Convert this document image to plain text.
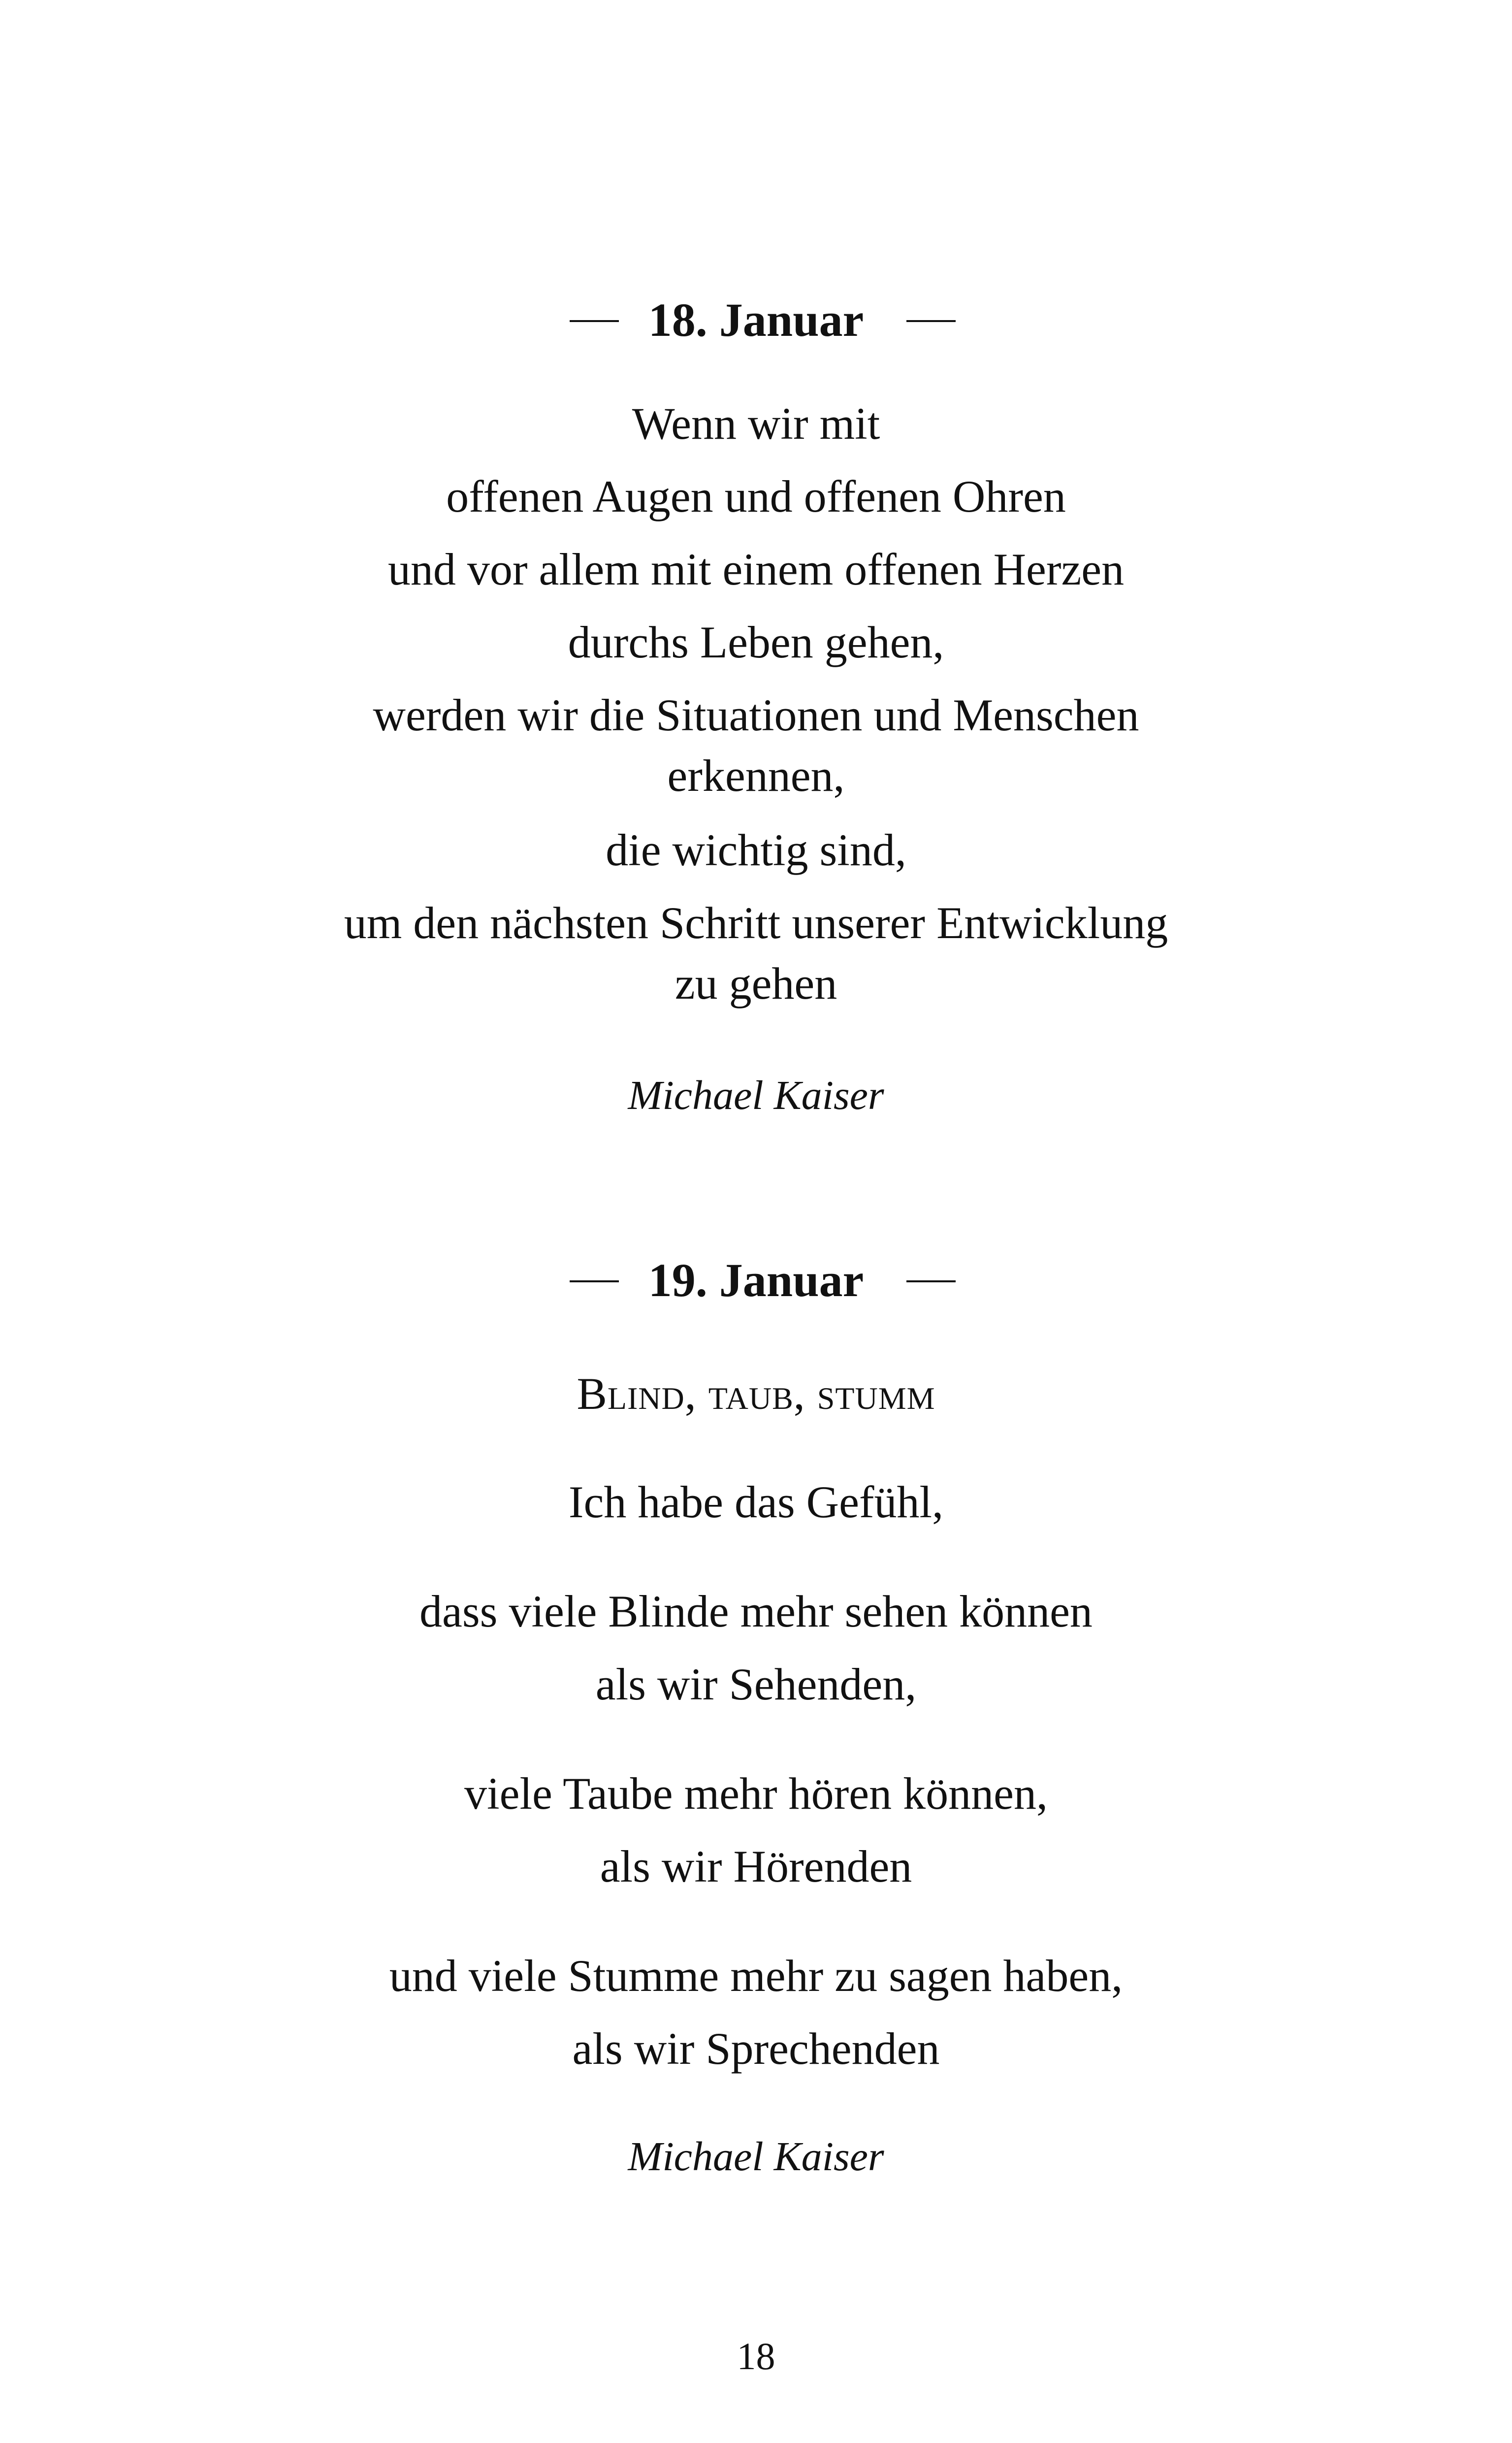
18. Januar
Wenn wir mit
offenen Augen und offenen Ohren
und vor allem mit einem offenen Herzen
durchs Leben gehen,
werden wir die Situationen und Menschen
erkennen,
die wichtig sind,
um den nächsten Schritt unserer Entwicklung
zu gehen
Michael Kaiser
19. Januar
Blind, taub, stumm
Ich habe das Gefühl,
dass viele Blinde mehr sehen können
als wir Sehenden,
viele Taube mehr hören können,
als wir Hörenden
und viele Stumme mehr zu sagen haben,
als wir Sprechenden
Michael Kaiser
18
